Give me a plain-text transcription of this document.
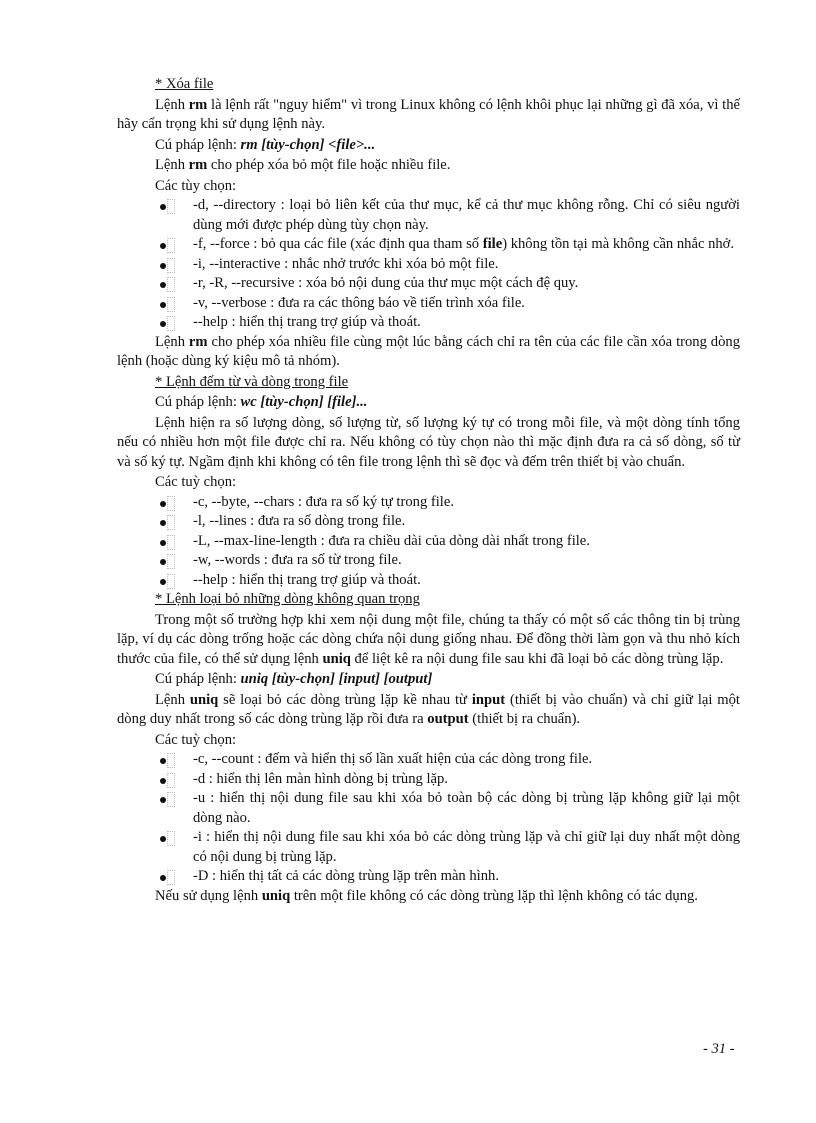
* Xóa file
Lệnh rm là lệnh rất "nguy hiểm" vì trong Linux không có lệnh khôi phục lại những gì đã xóa, vì thế hãy cẩn trọng khi sử dụng lệnh này.
Cú pháp lệnh: rm [tùy-chọn] <file>...
Lệnh rm cho phép xóa bỏ một file hoặc nhiều file.
Các tùy chọn:
-d, --directory : loại bỏ liên kết của thư mục, kể cả thư mục không rỗng. Chỉ có siêu người dùng mới được phép dùng tùy chọn này.
-f, --force : bỏ qua các file (xác định qua tham số file) không tồn tại mà không cần nhắc nhở.
-i, --interactive : nhắc nhở trước khi xóa bỏ một file.
-r, -R, --recursive : xóa bỏ nội dung của thư mục một cách đệ quy.
-v, --verbose : đưa ra các thông báo về tiến trình xóa file.
--help : hiển thị trang trợ giúp và thoát.
Lệnh rm cho phép xóa nhiều file cùng một lúc bằng cách chỉ ra tên của các file cần xóa trong dòng lệnh (hoặc dùng ký kiệu mô tả nhóm).
* Lệnh đếm từ và dòng trong file
Cú pháp lệnh: wc [tùy-chọn] [file]...
Lệnh hiện ra số lượng dòng, số lượng từ, số lượng ký tự có trong mỗi file, và một dòng tính tổng nếu có nhiều hơn một file được chỉ ra. Nếu không có tùy chọn nào thì mặc định đưa ra cả số dòng, số từ và số ký tự. Ngầm định khi không có tên file trong lệnh thì sẽ đọc và đếm trên thiết bị vào chuẩn.
Các tuỳ chọn:
-c, --byte, --chars : đưa ra số ký tự trong file.
-l, --lines : đưa ra số dòng trong file.
-L, --max-line-length : đưa ra chiều dài của dòng dài nhất trong file.
-w, --words : đưa ra số từ trong file.
--help : hiển thị trang trợ giúp và thoát.
* Lệnh loại bỏ những dòng không quan trọng
Trong một số trường hợp khi xem nội dung một file, chúng ta thấy có một số các thông tin bị trùng lặp, ví dụ các dòng trống hoặc các dòng chứa nội dung giống nhau. Để đồng thời làm gọn và thu nhỏ kích thước của file, có thể sử dụng lệnh uniq để liệt kê ra nội dung file sau khi đã loại bỏ các dòng trùng lặp.
Cú pháp lệnh: uniq [tùy-chọn] [input] [output]
Lệnh uniq sẽ loại bỏ các dòng trùng lặp kề nhau từ input (thiết bị vào chuẩn) và chỉ giữ lại một dòng duy nhất trong số các dòng trùng lặp rồi đưa ra output (thiết bị ra chuẩn).
Các tuỳ chọn:
-c, --count : đếm và hiển thị số lần xuất hiện của các dòng trong file.
-d : hiển thị lên màn hình dòng bị trùng lặp.
-u : hiển thị nội dung file sau khi xóa bỏ toàn bộ các dòng bị trùng lặp không giữ lại một dòng nào.
-i : hiển thị nội dung file sau khi xóa bỏ các dòng trùng lặp và chỉ giữ lại duy nhất một dòng có nội dung bị trùng lặp.
-D : hiển thị tất cả các dòng trùng lặp trên màn hình.
Nếu sử dụng lệnh uniq trên một file không có các dòng trùng lặp thì lệnh không có tác dụng.
- 31 -
